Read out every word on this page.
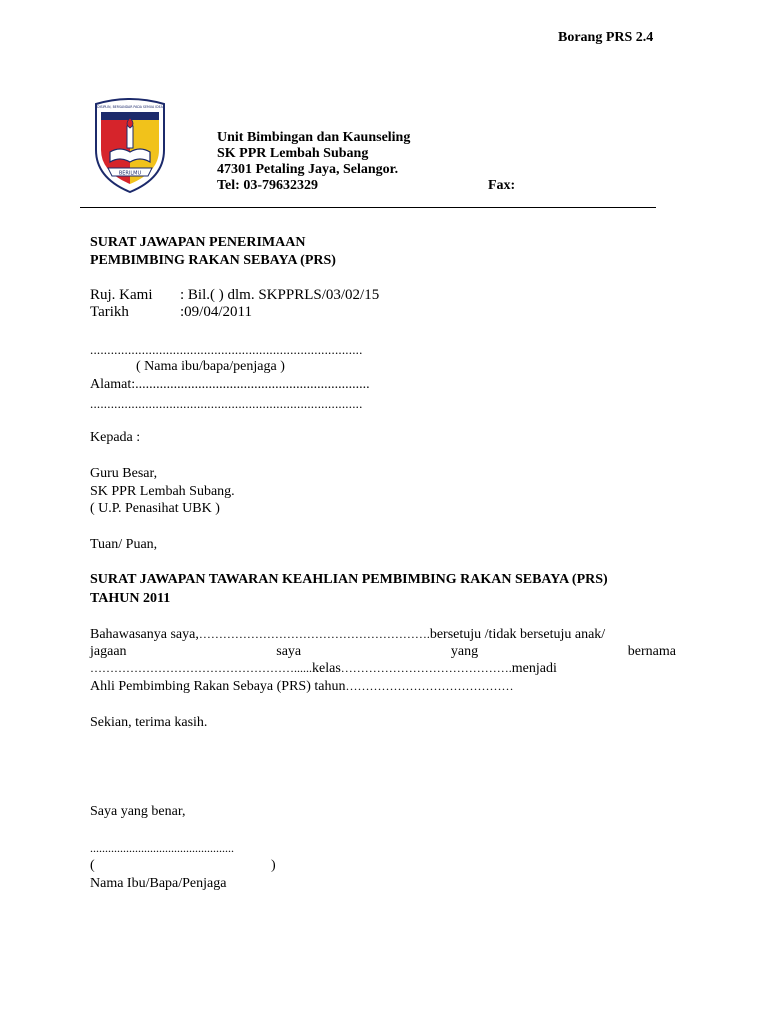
Borang PRS 2.4
BERILMU
DISIPLIN, BERSANDAR PADA SEMUA IDEA
Unit Bimbingan dan Kaunseling
SK PPR Lembah Subang
47301 Petaling Jaya, Selangor.
Tel: 03-79632329	Fax:
SURAT JAWAPAN PENERIMAAN
PEMBIMBING RAKAN SEBAYA (PRS)
Ruj. Kami : Bil.( ) dlm. SKPPRLS/03/02/15
Tarikh	:09/04/2011
...............................................................................
( Nama ibu/bapa/penjaga )
Alamat:...................................................................
...............................................................................
Kepada :
Guru Besar,
SK PPR Lembah Subang.
( U.P. Penasihat UBK )
Tuan/ Puan,
SURAT JAWAPAN TAWARAN KEAHLIAN PEMBIMBING RAKAN SEBAYA (PRS)
TAHUN 2011
Bahawasanya saya,………………………………………………….bersetuju /tidak bersetuju anak/
jagaan	saya	yang	bernama
……………………………………………......kelas…………………………………….menjadi
Ahli Pembimbing Rakan Sebaya (PRS) tahun……………………………………
Sekian, terima kasih.
Saya yang benar,
................................................
(	)
Nama Ibu/Bapa/Penjaga
